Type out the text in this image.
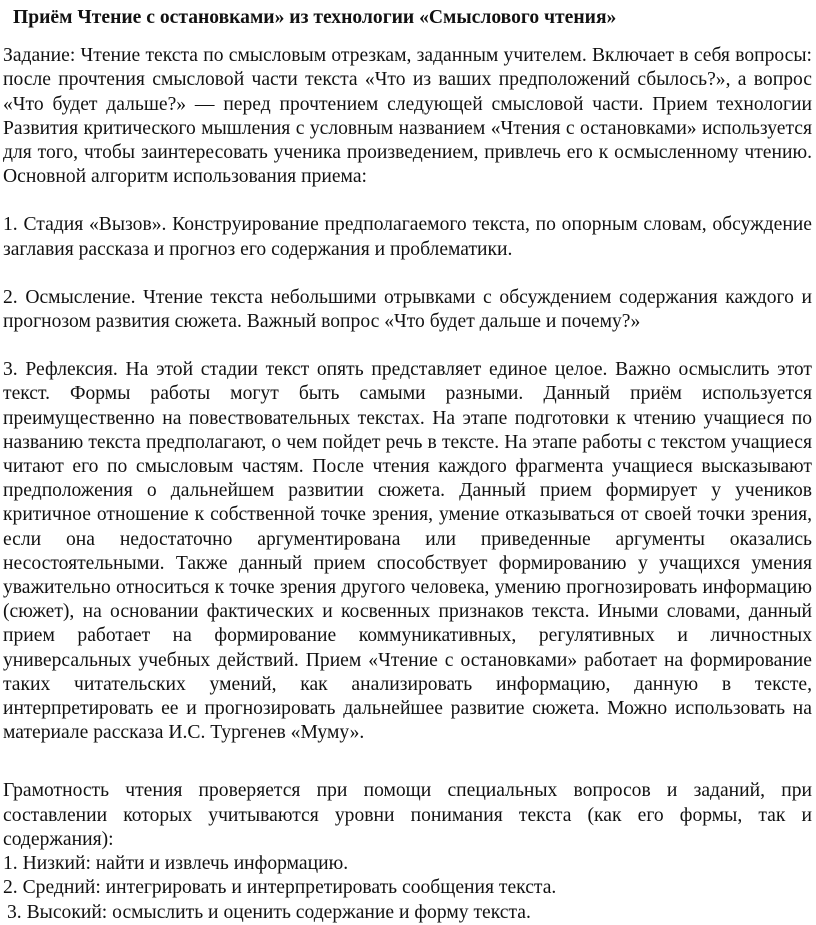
Приём Чтение с остановками» из технологии «Смыслового чтения»

Задание: Чтение текста по смысловым отрезкам, заданным учителем. Включает в себя вопросы: после прочтения смысловой части текста «Что из ваших предположений сбылось?», а вопрос «Что будет дальше?» — перед прочтением следующей смысловой части. Прием технологии Развития критического мышления с условным названием «Чтения с остановками» используется для того, чтобы заинтересовать ученика произведением, привлечь его к осмысленному чтению. Основной алгоритм использования приема:

1. Стадия «Вызов». Конструирование предполагаемого текста, по опорным словам, обсуждение заглавия рассказа и прогноз его содержания и проблематики.

2. Осмысление. Чтение текста небольшими отрывками с обсуждением содержания каждого и прогнозом развития сюжета. Важный вопрос «Что будет дальше и почему?»

3. Рефлексия. На этой стадии текст опять представляет единое целое. Важно осмыслить этот текст. Формы работы могут быть самыми разными. Данный приём используется преимущественно на повествовательных текстах. На этапе подготовки к чтению учащиеся по названию текста предполагают, о чем пойдет речь в тексте. На этапе работы с текстом учащиеся читают его по смысловым частям. После чтения каждого фрагмента учащиеся высказывают предположения о дальнейшем развитии сюжета. Данный прием формирует у учеников критичное отношение к собственной точке зрения, умение отказываться от своей точки зрения, если она недостаточно аргументирована или приведенные аргументы оказались несостоятельными. Также данный прием способствует формированию у учащихся умения уважительно относиться к точке зрения другого человека, умению прогнозировать информацию (сюжет), на основании фактических и косвенных признаков текста. Иными словами, данный прием работает на формирование коммуникативных, регулятивных и личностных универсальных учебных действий. Прием «Чтение с остановками» работает на формирование таких читательских умений, как анализировать информацию, данную в тексте, интерпретировать ее и прогнозировать дальнейшее развитие сюжета. Можно использовать на материале рассказа И.С. Тургенев «Муму».

Грамотность чтения проверяется при помощи специальных вопросов и заданий, при составлении которых учитываются уровни понимания текста (как его формы, так и содержания):

1. Низкий: найти и извлечь информацию.
2. Средний: интегрировать и интерпретировать сообщения текста.
3. Высокий: осмыслить и оценить содержание и форму текста.
